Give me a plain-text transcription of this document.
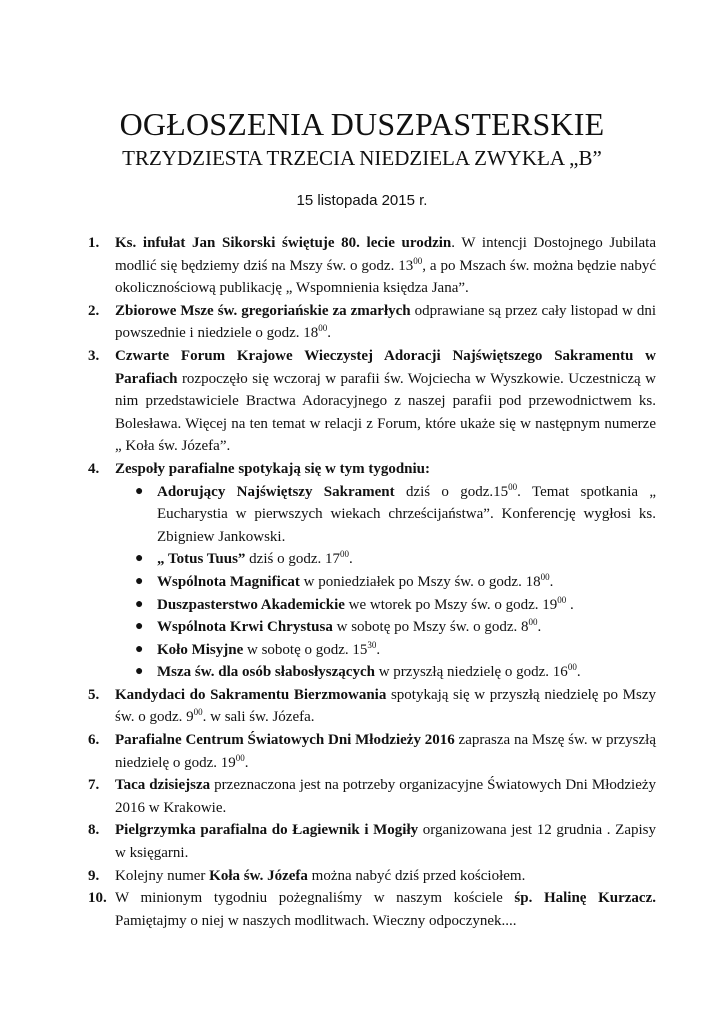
OGŁOSZENIA DUSZPASTERSKIE
TRZYDZIESTA TRZECIA NIEDZIELA ZWYKŁA „B”
15 listopada 2015 r.
1. Ks. infułat Jan Sikorski świętuje 80. lecie urodzin. W intencji Dostojnego Jubilata modlić się będziemy dziś na Mszy św. o godz. $13^{00}$, a po Mszach św. można będzie nabyć okolicznościową publikację „ Wspomnienia księdza Jana”.
2. Zbiorowe Msze św. gregoriańskie za zmarłych odprawiane są przez cały listopad w dni powszednie i niedziele o godz. $18^{00}$.
3. Czwarte Forum Krajowe Wieczystej Adoracji Najświętszego Sakramentu w Parafiach rozpoczęło się wczoraj w parafii św. Wojciecha w Wyszkowie. Uczestniczą w nim przedstawiciele Bractwa Adoracyjnego z naszej parafii pod przewodnictwem ks. Bolesława. Więcej na ten temat w relacji z Forum, które ukaże się w następnym numerze „ Koła św. Józefa”.
4. Zespoły parafialne spotykają się w tym tygodniu:
● Adorujący Najświętszy Sakrament dziś o $godz.15^{00}$. Temat spotkania „ Eucharystia w pierwszych wiekach chrześcijaństwa”. Konferencję wygłosi ks. Zbigniew Jankowski.
● „ Totus Tuus” dziś o godz. $17^{00}$.
● Wspólnota Magnificat w poniedziałek po Mszy św. o godz. $18^{00}$.
● Duszpasterstwo Akademickie we wtorek po Mszy św. o godz. $19^{00}$ .
● Wspólnota Krwi Chrystusa w sobotę po Mszy św. o godz. $8^{00}$.
● Koło Misyjne w sobotę o godz. $15^{30}$.
● Msza św. dla osób słabosłyszących w przyszłą niedzielę o godz. $16^{00}$.
5. Kandydaci do Sakramentu Bierzmowania spotykają się w przyszłą niedzielę po Mszy św. o godz. $9^{00}$. w sali św. Józefa.
6. Parafialne Centrum Światowych Dni Młodzieży 2016 zaprasza na Mszę św. w przyszłą niedzielę o godz. $19^{00}$.
7. Taca dzisiejsza przeznaczona jest na potrzeby organizacyjne Światowych Dni Młodzieży 2016 w Krakowie.
8. Pielgrzymka parafialna do Łagiewnik i Mogiły organizowana jest 12 grudnia . Zapisy w księgarni.
9. Kolejny numer Koła św. Józefa można nabyć dziś przed kościołem.
10. W minionym tygodniu pożegnaliśmy w naszym kościele śp. Halinę Kurzacz. Pamiętajmy o niej w naszych modlitwach. Wieczny odpoczynek....
